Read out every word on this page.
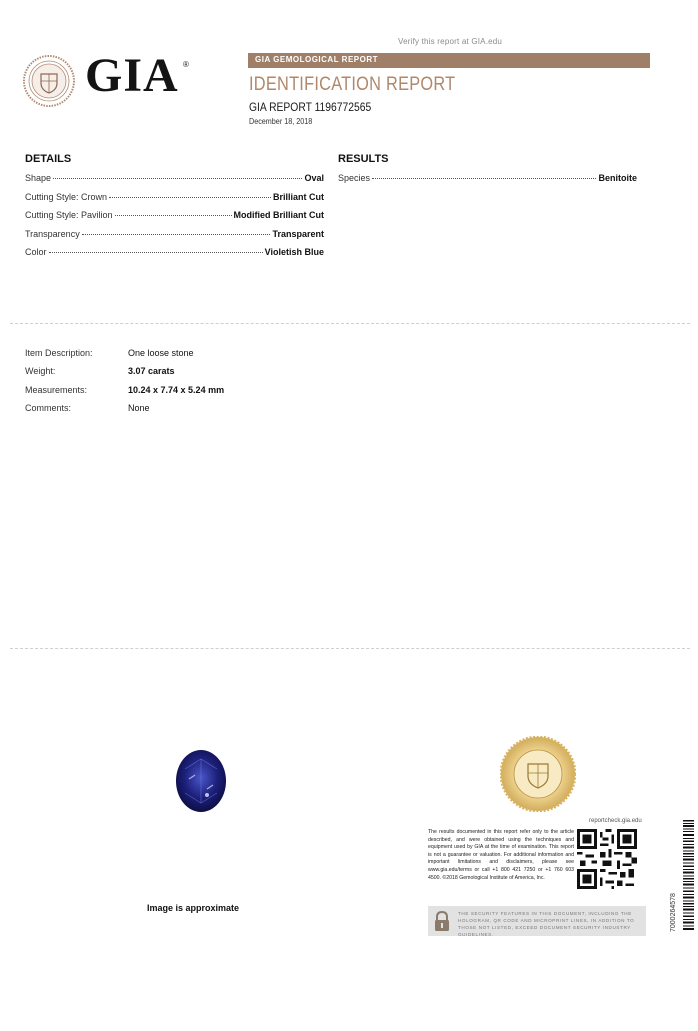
Verify this report at GIA.edu
GIA ®
GIA GEMOLOGICAL REPORT
IDENTIFICATION REPORT
GIA REPORT 1196772565
December 18, 2018
DETAILS	RESULTS
Shape	Oval
Cutting Style: Crown	Brilliant Cut
Cutting Style: Pavilion	Modified Brilliant Cut
Transparency	Transparent
Color	Violetish Blue
Species	Benitoite
Item Description:	One loose stone
Weight:	3.07 carats
Measurements:	10.24 x 7.74 x 5.24 mm
Comments:	None
Image is approximate
reportcheck.gia.edu
The results documented in this report refer only to the article described, and were obtained using the techniques and equipment used by GIA at the time of examination. This report is not a guarantee or valuation. For additional information and important limitations and disclaimers, please see www.gia.edu/terms or call +1 800 421 7250 or +1 760 603 4500. ©2018 Gemological Institute of America, Inc.
THE SECURITY FEATURES IN THIS DOCUMENT, INCLUDING THE HOLOGRAM, QR CODE AND MICROPRINT LINES, IN ADDITION TO THOSE NOT LISTED, EXCEED DOCUMENT SECURITY INDUSTRY GUIDELINES.
7000264578
